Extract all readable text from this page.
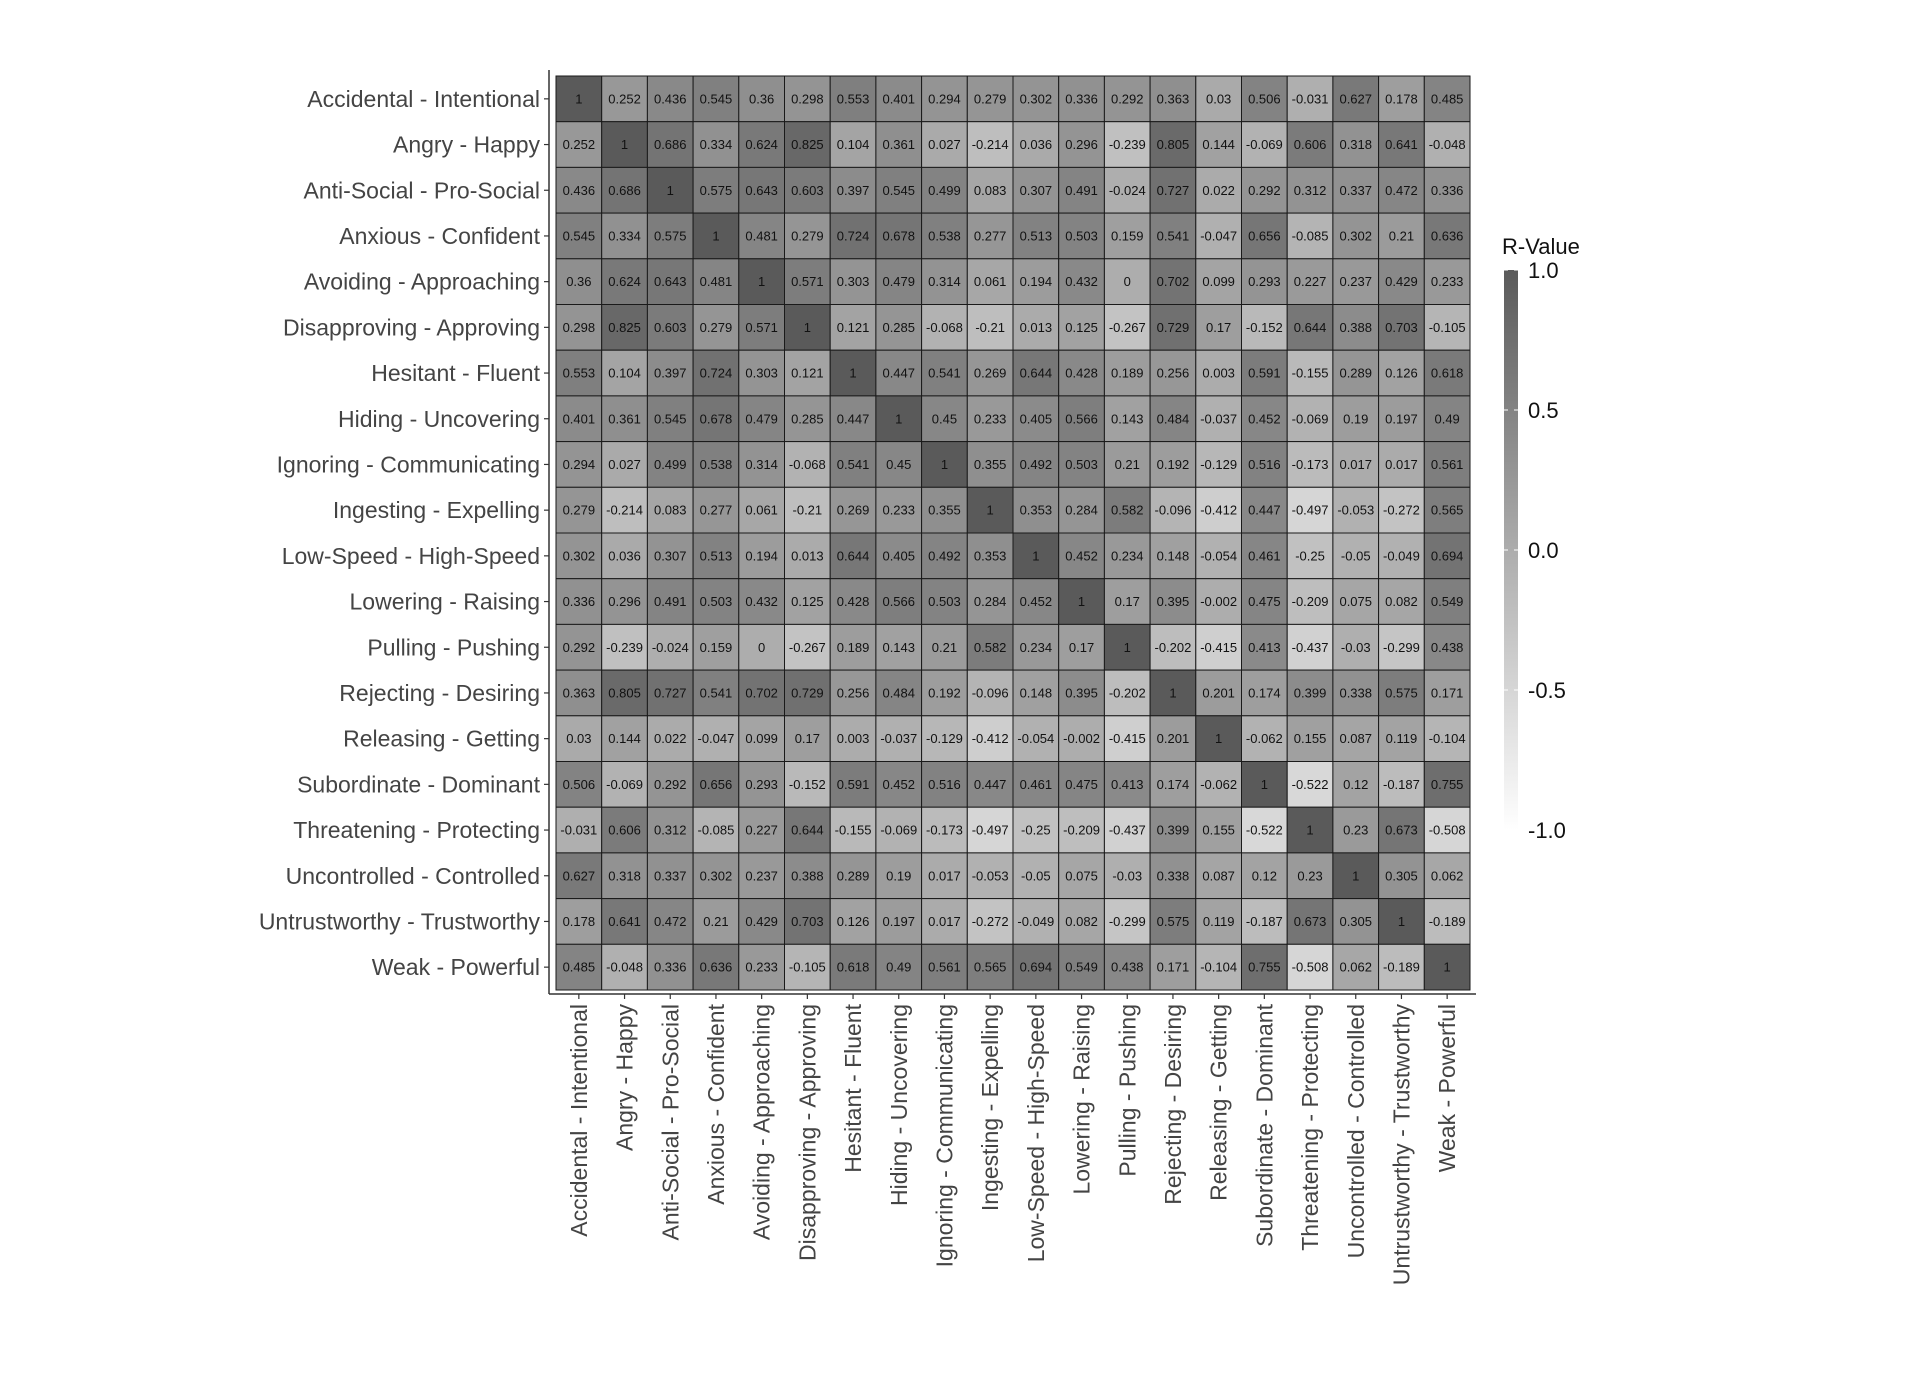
1 0.252 0.436 0.545 0.36 0.298 0.553 0.401 0.294 0.279 0.302 0.336 0.292 0.363 0.03 0.506 -0.031 0.627 0.178 0.485
0.252 1 0.686 0.334 0.624 0.825 0.104 0.361 0.027 -0.214 0.036 0.296 -0.239 0.805 0.144 -0.069 0.606 0.318 0.641 -0.048
0.436 0.686 1 0.575 0.643 0.603 0.397 0.545 0.499 0.083 0.307 0.491 -0.024 0.727 0.022 0.292 0.312 0.337 0.472 0.336
0.545 0.334 0.575 1 0.481 0.279 0.724 0.678 0.538 0.277 0.513 0.503 0.159 0.541 -0.047 0.656 -0.085 0.302 0.21 0.636
0.36 0.624 0.643 0.481 1 0.571 0.303 0.479 0.314 0.061 0.194 0.432 0 0.702 0.099 0.293 0.227 0.237 0.429 0.233
0.298 0.825 0.603 0.279 0.571 1 0.121 0.285 -0.068 -0.21 0.013 0.125 -0.267 0.729 0.17 -0.152 0.644 0.388 0.703 -0.105
0.553 0.104 0.397 0.724 0.303 0.121 1 0.447 0.541 0.269 0.644 0.428 0.189 0.256 0.003 0.591 -0.155 0.289 0.126 0.618
0.401 0.361 0.545 0.678 0.479 0.285 0.447 1 0.45 0.233 0.405 0.566 0.143 0.484 -0.037 0.452 -0.069 0.19 0.197 0.49
0.294 0.027 0.499 0.538 0.314 -0.068 0.541 0.45 1 0.355 0.492 0.503 0.21 0.192 -0.129 0.516 -0.173 0.017 0.017 0.561
0.279 -0.214 0.083 0.277 0.061 -0.21 0.269 0.233 0.355 1 0.353 0.284 0.582 -0.096 -0.412 0.447 -0.497 -0.053 -0.272 0.565
0.302 0.036 0.307 0.513 0.194 0.013 0.644 0.405 0.492 0.353 1 0.452 0.234 0.148 -0.054 0.461 -0.25 -0.05 -0.049 0.694
0.336 0.296 0.491 0.503 0.432 0.125 0.428 0.566 0.503 0.284 0.452 1 0.17 0.395 -0.002 0.475 -0.209 0.075 0.082 0.549
0.292 -0.239 -0.024 0.159 0 -0.267 0.189 0.143 0.21 0.582 0.234 0.17 1 -0.202 -0.415 0.413 -0.437 -0.03 -0.299 0.438
0.363 0.805 0.727 0.541 0.702 0.729 0.256 0.484 0.192 -0.096 0.148 0.395 -0.202 1 0.201 0.174 0.399 0.338 0.575 0.171
0.03 0.144 0.022 -0.047 0.099 0.17 0.003 -0.037 -0.129 -0.412 -0.054 -0.002 -0.415 0.201 1 -0.062 0.155 0.087 0.119 -0.104
0.506 -0.069 0.292 0.656 0.293 -0.152 0.591 0.452 0.516 0.447 0.461 0.475 0.413 0.174 -0.062 1 -0.522 0.12 -0.187 0.755
-0.031 0.606 0.312 -0.085 0.227 0.644 -0.155 -0.069 -0.173 -0.497 -0.25 -0.209 -0.437 0.399 0.155 -0.522 1 0.23 0.673 -0.508
0.627 0.318 0.337 0.302 0.237 0.388 0.289 0.19 0.017 -0.053 -0.05 0.075 -0.03 0.338 0.087 0.12 0.23 1 0.305 0.062
0.178 0.641 0.472 0.21 0.429 0.703 0.126 0.197 0.017 -0.272 -0.049 0.082 -0.299 0.575 0.119 -0.187 0.673 0.305 1 -0.189
0.485 -0.048 0.336 0.636 0.233 -0.105 0.618 0.49 0.561 0.565 0.694 0.549 0.438 0.171 -0.104 0.755 -0.508 0.062 -0.189 1
Accidental - Intentional
Angry - Happy
Anti-Social - Pro-Social
Anxious - Confident
Avoiding - Approaching
Disapproving - Approving
Hesitant - Fluent
Hiding - Uncovering
Ignoring - Communicating
Ingesting - Expelling
Low-Speed - High-Speed
Lowering - Raising
Pulling - Pushing
Rejecting - Desiring
Releasing - Getting
Subordinate - Dominant
Threatening - Protecting
Uncontrolled - Controlled
Untrustworthy - Trustworthy
Weak - Powerful
Accidental - Intentional Angry - Happy Anti-Social - Pro-Social Anxious - Confident Avoiding - Approaching Disapproving - Approving Hesitant - Fluent Hiding - Uncovering Ignoring - Communicating Ingesting - Expelling Low-Speed - High-Speed Lowering - Raising Pulling - Pushing Rejecting - Desiring Releasing - Getting Subordinate - Dominant Threatening - Protecting Uncontrolled - Controlled Untrustworthy - Trustworthy Weak - Powerful
R-Value
1.0
0.5
0.0
-0.5
-1.0
